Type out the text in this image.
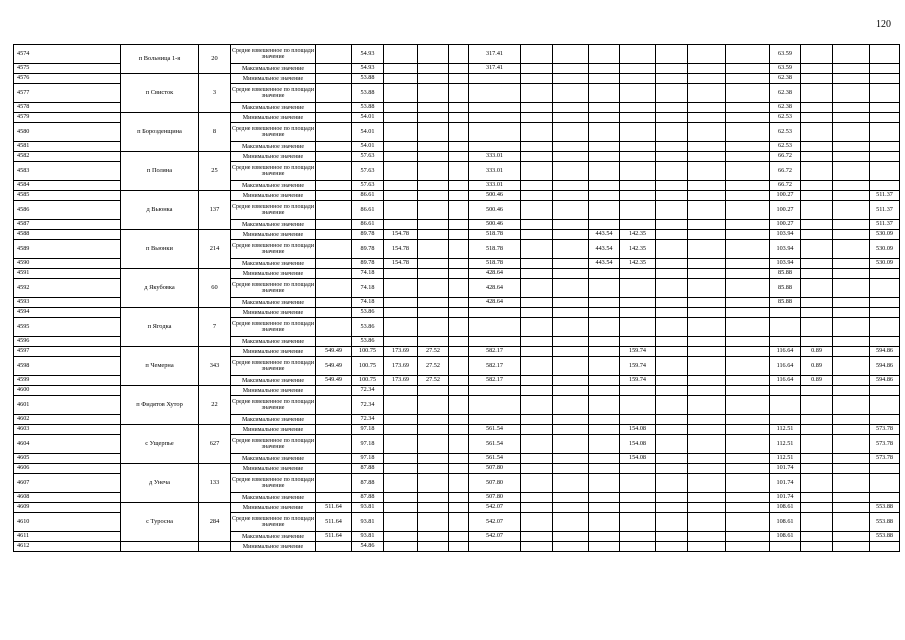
120
4574	п Вольница 1-я	20	Средне взвешенное по площади значение		54.93				317.41								63.59			
4575			Максимальное значение		54.93				317.41								63.59			
4576	п Свисток	3	Минимальное значение		53.88												62.38			
4577			Средне взвешенное по площади значение		53.88												62.38			
4578			Максимальное значение		53.88												62.38			
4579	п Борозденщина	8	Минимальное значение		54.01												62.53			
4580			Средне взвешенное по площади значение		54.01												62.53			
4581			Максимальное значение		54.01												62.53			
4582	п Поляна	25	Минимальное значение		57.63				333.01								66.72			
4583			Средне взвешенное по площади значение		57.63				333.01								66.72			
4584			Максимальное значение		57.63				333.01								66.72			
4585	д Вьюнка	137	Минимальное значение		86.61				500.46								100.27			511.37
4586			Средне взвешенное по площади значение		86.61				500.46								100.27			511.37
4587			Максимальное значение		86.61				500.46								100.27			511.37
4588	п Вьюнки	214	Минимальное значение		89.78	154.78			518.78			443.54	142.35				103.94			530.09
4589			Средне взвешенное по площади значение		89.78	154.78			518.78			443.54	142.35				103.94			530.09
4590			Максимальное значение		89.78	154.78			518.78			443.54	142.35				103.94			530.09
4591	д Якубовка	60	Минимальное значение		74.18				428.64								85.88			
4592			Средне взвешенное по площади значение		74.18				428.64								85.88			
4593			Максимальное значение		74.18				428.64								85.88			
4594	п Ягодка	7	Минимальное значение		53.86															
4595			Средне взвешенное по площади значение		53.86															
4596			Максимальное значение		53.86															
4597	п Чемерна	343	Минимальное значение	549.49	100.75	173.69	27.52		582.17				159.74				116.64	0.89		594.86
4598			Средне взвешенное по площади значение	549.49	100.75	173.69	27.52		582.17				159.74				116.64	0.89		594.86
4599			Максимальное значение	549.49	100.75	173.69	27.52		582.17				159.74				116.64	0.89		594.86
4600	п Фидятов Хутор	22	Минимальное значение		72.34															
4601			Средне взвешенное по площади значение		72.34															
4602			Максимальное значение		72.34															
4603	с Ущерпье	627	Минимальное значение		97.18				561.54				154.08				112.51			573.78
4604			Средне взвешенное по площади значение		97.18				561.54				154.08				112.51			573.78
4605			Максимальное значение		97.18				561.54				154.08				112.51			573.78
4606	д Унеча	133	Минимальное значение		87.88				507.80								101.74			
4607			Средне взвешенное по площади значение		87.88				507.80								101.74			
4608			Максимальное значение		87.88				507.80								101.74			
4609	с Туросна	284	Минимальное значение	511.64	93.81				542.07								108.61			553.88
4610			Средне взвешенное по площади значение	511.64	93.81				542.07								108.61			553.88
4611			Максимальное значение	511.64	93.81				542.07								108.61			553.88
4612			Минимальное значение		54.86															
